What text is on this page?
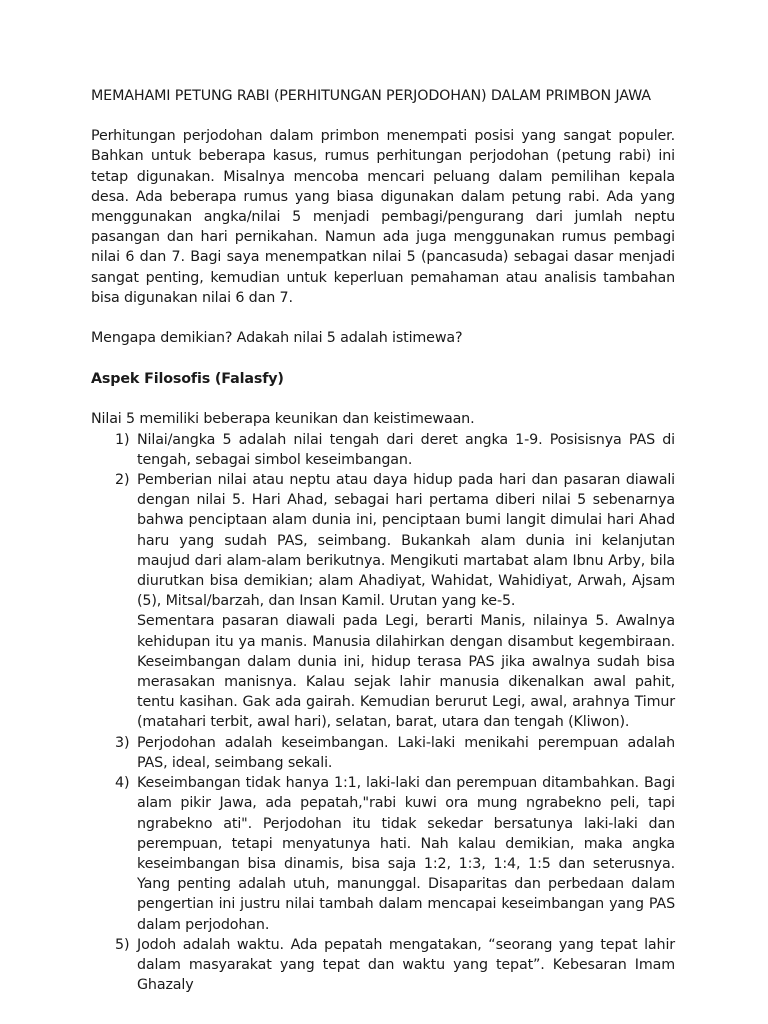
MEMAHAMI PETUNG RABI (PERHITUNGAN PERJODOHAN) DALAM PRIMBON JAWA

Perhitungan perjodohan dalam primbon menempati posisi yang sangat populer. Bahkan untuk beberapa kasus, rumus perhitungan perjodohan (petung rabi) ini tetap digunakan. Misalnya mencoba mencari peluang dalam pemilihan kepala desa. Ada beberapa rumus yang biasa digunakan dalam petung rabi. Ada yang menggunakan angka/nilai 5 menjadi pembagi/pengurang dari jumlah neptu pasangan dan hari pernikahan. Namun ada juga menggunakan rumus pembagi nilai 6 dan 7. Bagi saya menempatkan nilai 5 (pancasuda) sebagai dasar menjadi sangat penting, kemudian untuk keperluan pemahaman atau analisis tambahan bisa digunakan nilai 6 dan 7.

Mengapa demikian? Adakah nilai 5 adalah istimewa?

Aspek Filosofis (Falasfy)

Nilai 5 memiliki beberapa keunikan dan keistimewaan.

1) Nilai/angka 5 adalah nilai tengah dari deret angka 1-9. Posisisnya PAS di tengah, sebagai simbol keseimbangan.

2) Pemberian nilai atau neptu atau daya hidup pada hari dan pasaran diawali dengan nilai 5. Hari Ahad, sebagai hari pertama diberi nilai 5 sebenarnya bahwa penciptaan alam dunia ini, penciptaan bumi langit dimulai hari Ahad haru yang sudah PAS, seimbang. Bukankah alam dunia ini kelanjutan maujud dari alam-alam berikutnya. Mengikuti martabat alam Ibnu Arby, bila diurutkan bisa demikian; alam Ahadiyat, Wahidat, Wahidiyat, Arwah, Ajsam (5), Mitsal/barzah, dan Insan Kamil. Urutan yang ke-5.

Sementara pasaran diawali pada Legi, berarti Manis, nilainya 5. Awalnya kehidupan itu ya manis. Manusia dilahirkan dengan disambut kegembiraan. Keseimbangan dalam dunia ini, hidup terasa PAS jika awalnya sudah bisa merasakan manisnya. Kalau sejak lahir manusia dikenalkan awal pahit, tentu kasihan. Gak ada gairah. Kemudian berurut Legi, awal, arahnya Timur (matahari terbit, awal hari), selatan, barat, utara dan tengah (Kliwon).

3) Perjodohan adalah keseimbangan. Laki-laki menikahi perempuan adalah PAS, ideal, seimbang sekali.

4) Keseimbangan tidak hanya 1:1, laki-laki dan perempuan ditambahkan. Bagi alam pikir Jawa, ada pepatah,"rabi kuwi ora mung ngrabekno peli, tapi ngrabekno ati". Perjodohan itu tidak sekedar bersatunya laki-laki dan perempuan, tetapi menyatunya hati. Nah kalau demikian, maka angka keseimbangan bisa dinamis, bisa saja 1:2, 1:3, 1:4, 1:5 dan seterusnya. Yang penting adalah utuh, manunggal. Disaparitas dan perbedaan dalam pengertian ini justru nilai tambah dalam mencapai keseimbangan yang PAS dalam perjodohan.

5) Jodoh adalah waktu. Ada pepatah mengatakan, “seorang yang tepat lahir dalam masyarakat yang tepat dan waktu yang tepat”. Kebesaran Imam Ghazaly
